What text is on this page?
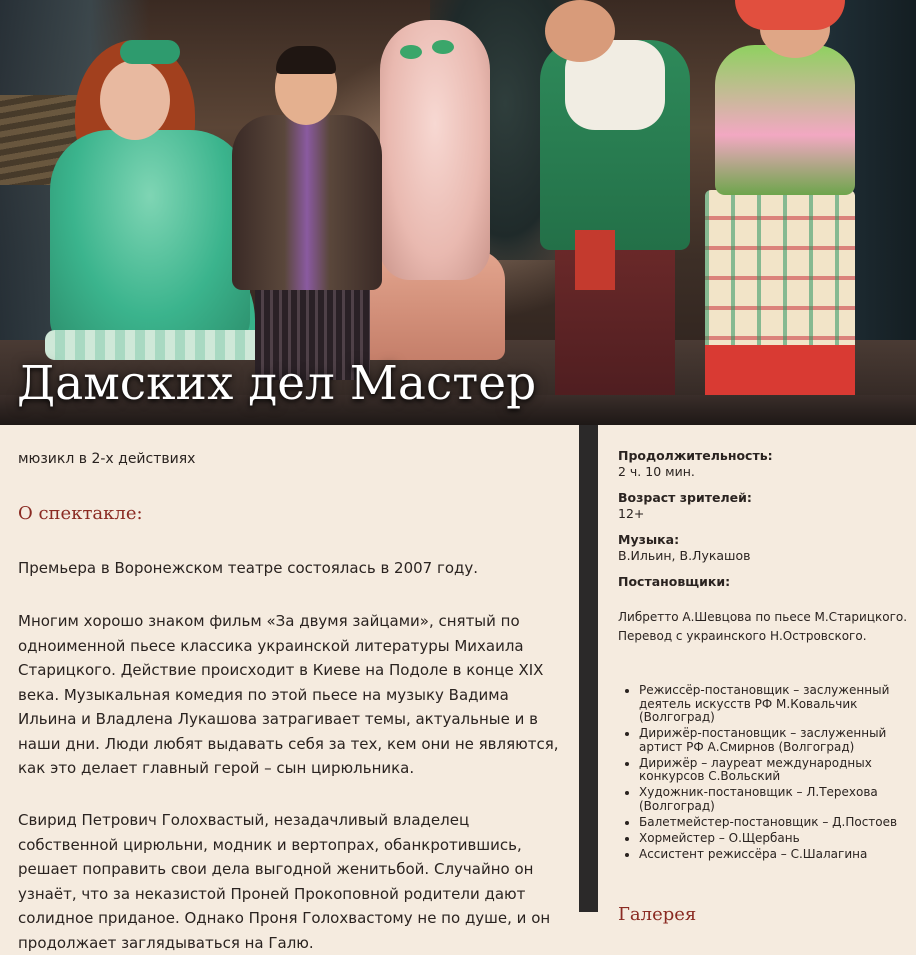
Дамских дел Мастер
мюзикл в 2-х действиях
О спектакле:

Премьера в Воронежском театре состоялась в 2007 году.

Многим хорошо знаком фильм «За двумя зайцами», снятый по одноименной пьесе классика украинской литературы Михаила Старицкого. Действие происходит в Киеве на Подоле в конце XIX века. Музыкальная комедия по этой пьесе на музыку Вадима Ильина и Владлена Лукашова затрагивает темы, актуальные и в наши дни. Люди любят выдавать себя за тех, кем они не являются, как это делает главный герой – сын цирюльника.

Свирид Петрович Голохвастый, незадачливый владелец собственной цирюльни, модник и вертопрах, обанкротившись, решает поправить свои дела выгодной женитьбой. Случайно он узнаёт, что за неказистой Проней Прокоповной родители дают солидное приданое. Однако Проня Голохвастому не по душе, и он продолжает заглядываться на Галю.

Продолжительность:
2 ч. 10 мин.
Возраст зрителей:
12+
Музыка:
В.Ильин, В.Лукашов
Постановщики:

Либретто А.Шевцова по пьесе М.Старицкого. Перевод с украинского Н.Островского.

• Режиссёр-постановщик – заслуженный деятель искусств РФ М.Ковальчик (Волгоград)
• Дирижёр-постановщик – заслуженный артист РФ А.Смирнов (Волгоград)
• Дирижёр – лауреат международных конкурсов С.Вольский
• Художник-постановщик – Л.Терехова (Волгоград)
• Балетмейстер-постановщик – Д.Постоев
• Хормейстер – О.Щербань
• Ассистент режиссёра – С.Шалагина
Галерея
